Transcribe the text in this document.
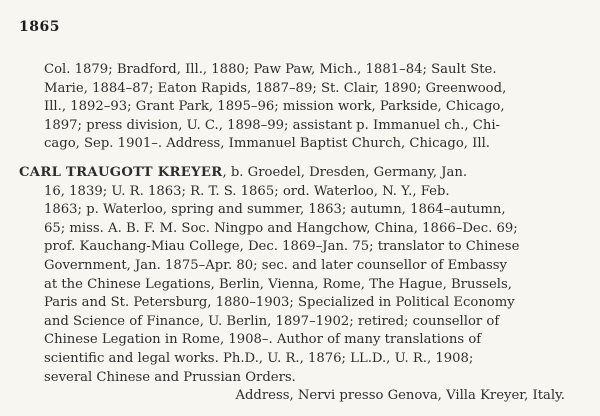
1865
Col. 1879; Bradford, Ill., 1880; Paw Paw, Mich., 1881–84; Sault Ste.
Marie, 1884–87; Eaton Rapids, 1887–89; St. Clair, 1890; Greenwood,
Ill., 1892–93; Grant Park, 1895–96; mission work, Parkside, Chicago,
1897; press division, U. C., 1898–99; assistant p. Immanuel ch., Chi-
cago, Sep. 1901–. Address, Immanuel Baptist Church, Chicago, Ill.
CARL TRAUGOTT KREYER, b. Groedel, Dresden, Germany, Jan.
16, 1839; U. R. 1863; R. T. S. 1865; ord. Waterloo, N. Y., Feb.
1863; p. Waterloo, spring and summer, 1863; autumn, 1864–autumn,
65; miss. A. B. F. M. Soc. Ningpo and Hangchow, China, 1866–Dec. 69;
prof. Kauchang-Miau College, Dec. 1869–Jan. 75; translator to Chinese
Government, Jan. 1875–Apr. 80; sec. and later counsellor of Embassy
at the Chinese Legations, Berlin, Vienna, Rome, The Hague, Brussels,
Paris and St. Petersburg, 1880–1903; Specialized in Political Economy
and Science of Finance, U. Berlin, 1897–1902; retired; counsellor of
Chinese Legation in Rome, 1908–. Author of many translations of
scientific and legal works. Ph.D., U. R., 1876; LL.D., U. R., 1908;
several Chinese and Prussian Orders.
Address, Nervi presso Genova, Villa Kreyer, Italy.
